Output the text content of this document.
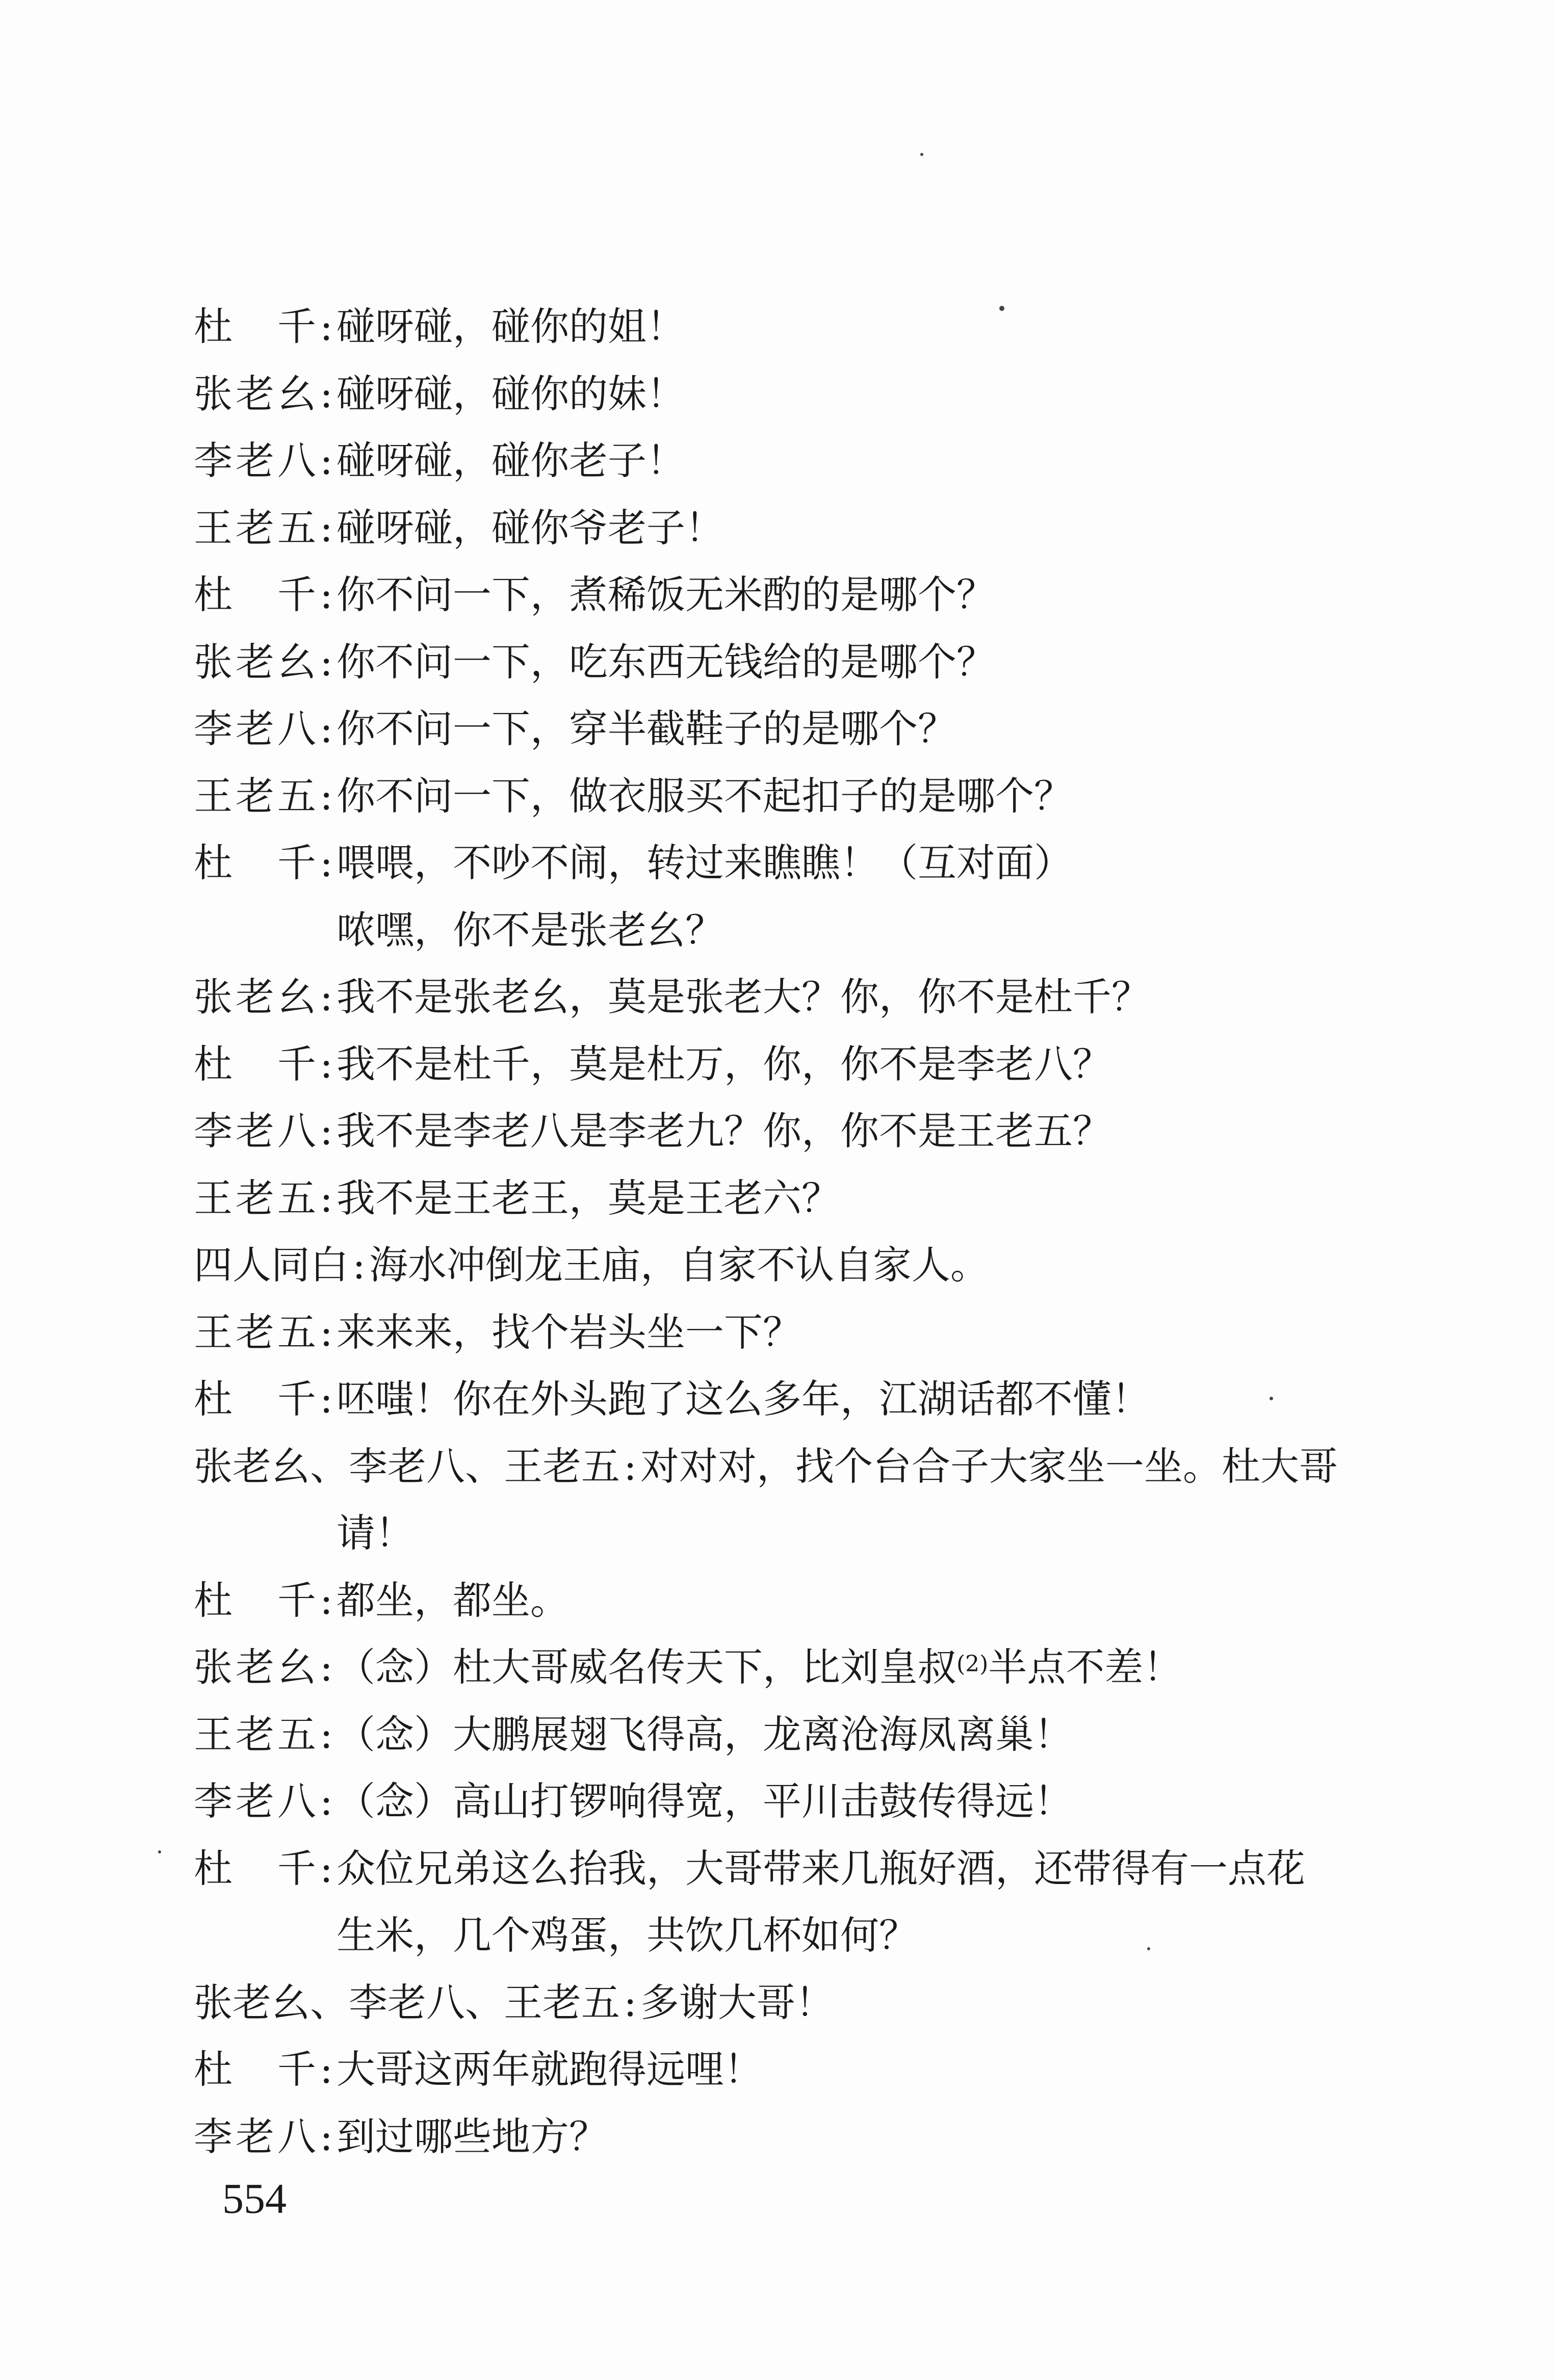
杜　千 : 碰呀碰，碰你的姐！
张老幺 : 碰呀碰，碰你的妹！
李老八 : 碰呀碰，碰你老子！
王老五 : 碰呀碰，碰你爷老子！
杜　千 : 你不问一下，煮稀饭无米酌的是哪个？
张老幺 : 你不问一下，吃东西无钱给的是哪个？
李老八 : 你不问一下，穿半截鞋子的是哪个？
王老五 : 你不问一下，做衣服买不起扣子的是哪个？
杜　千 : 喂喂，不吵不闹，转过来瞧瞧！（互对面）
哝嘿，你不是张老幺？
张老幺 : 我不是张老幺，莫是张老大？你，你不是杜千？
杜　千 : 我不是杜千，莫是杜万，你，你不是李老八？
李老八 : 我不是李老八是李老九？你，你不是王老五？
王老五 : 我不是王老王，莫是王老六？
四人同白 : 海水冲倒龙王庙，自家不认自家人。
王老五 : 来来来，找个岩头坐一下？
杜　千 : 呸嗤！你在外头跑了这么多年，江湖话都不懂！
张老幺、李老八、王老五 : 对对对，找个台合子大家坐一坐。杜大哥
请！
杜　千 : 都坐，都坐。
张老幺 : （念）杜大哥威名传天下，比刘皇叔$^{(2)}$半点不差！
王老五 : （念）大鹏展翅飞得高，龙离沧海凤离巢！
李老八 : （念）高山打锣响得宽，平川击鼓传得远！
杜　千 : 众位兄弟这么抬我，大哥带来几瓶好酒，还带得有一点花
生米，几个鸡蛋，共饮几杯如何？
张老幺、李老八、王老五 : 多谢大哥！
杜　千 : 大哥这两年就跑得远哩！
李老八 : 到过哪些地方？
554
